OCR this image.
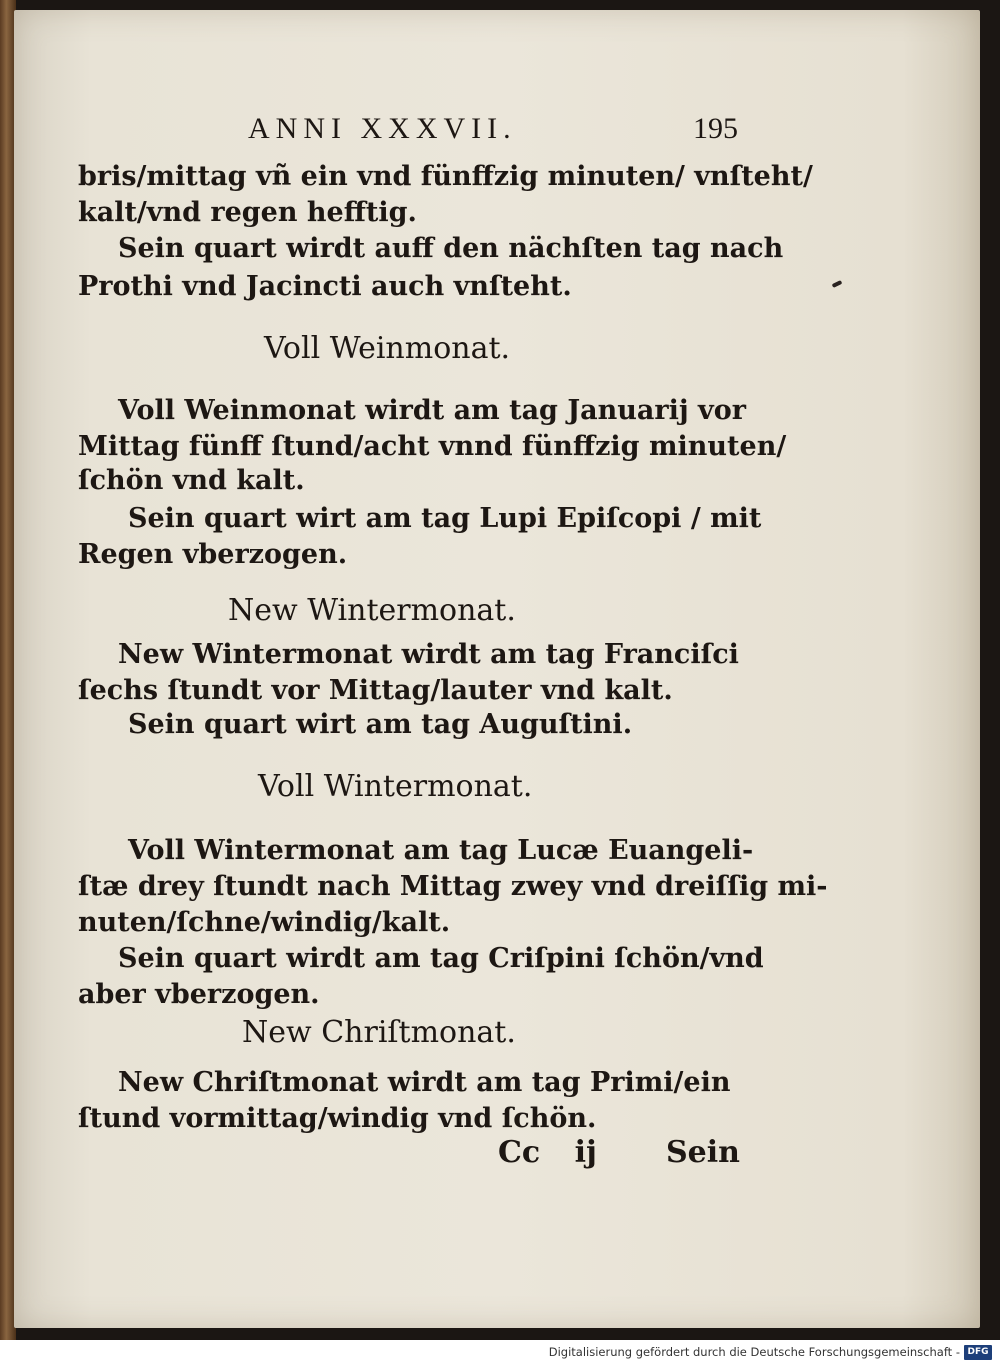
ANNI XXXVII.	195
bris/mittag vñ ein vnd fünffzig minuten/ vnſteht/
kalt/vnd regen hefftig.
Sein quart wirdt auff den nächſten tag nach
Prothi vnd Jacincti auch vnſteht.
Voll Weinmonat.
Voll Weinmonat wirdt am tag Januarij vor
Mittag fünff ſtund/acht vnnd fünffzig minuten/
ſchön vnd kalt.
Sein quart wirt am tag Lupi Epiſcopi / mit
Regen vberzogen.
New Wintermonat.
New Wintermonat wirdt am tag Franciſci
ſechs ſtundt vor Mittag/lauter vnd kalt.
Sein quart wirt am tag Auguſtini.
Voll Wintermonat.
Voll Wintermonat am tag Lucæ Euangeli-
ſtæ drey ſtundt nach Mittag zwey vnd dreiſſig mi-
nuten/ſchne/windig/kalt.
Sein quart wirdt am tag Criſpini ſchön/vnd
aber vberzogen.
New Chriſtmonat.
New Chriſtmonat wirdt am tag Primi/ein
ſtund vormittag/windig vnd ſchön.
Cc ij Sein
Digitalisierung gefördert durch die Deutsche Forschungsgemeinschaft - DFG
